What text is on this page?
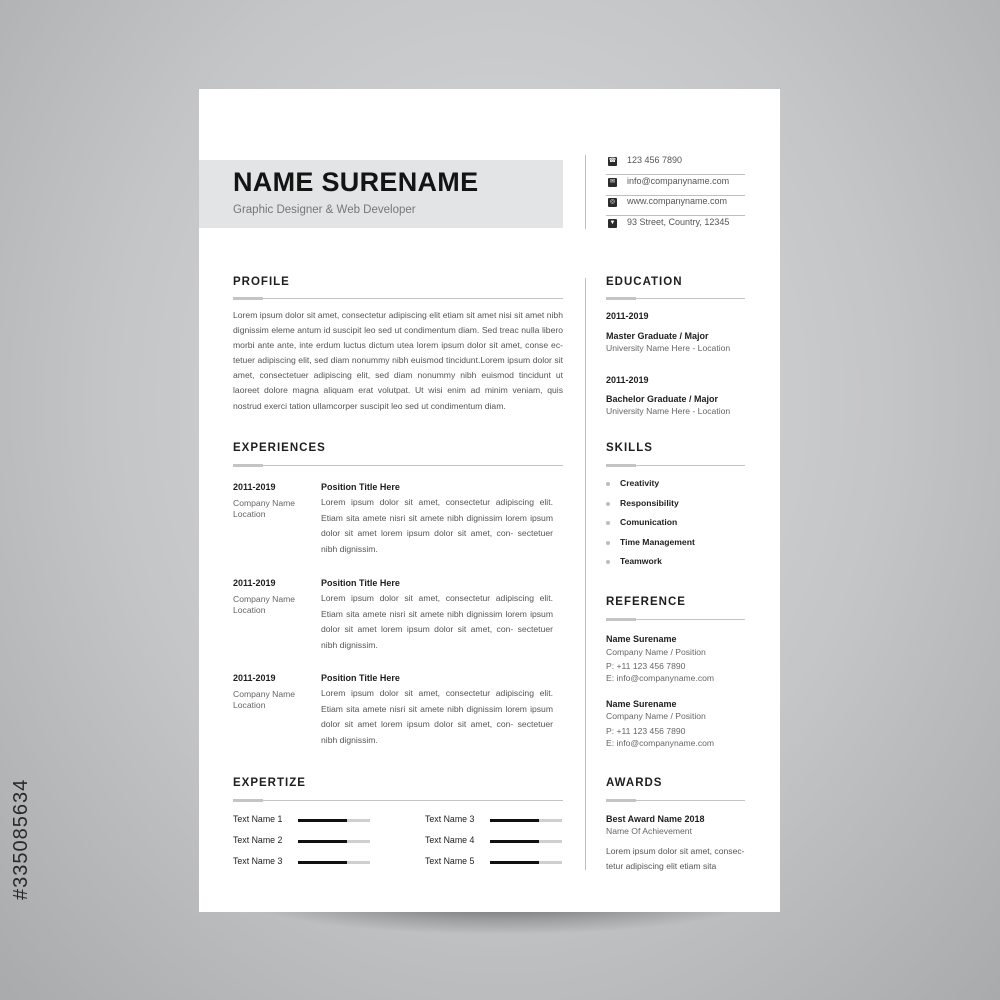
NAME SURENAME
Graphic Designer & Web Developer
☎ 123 456 7890
✉ info@companyname.com
◎ www.companyname.com
▼ 93 Street, Country, 12345
PROFILE
Lorem ipsum dolor sit amet, consectetur adipiscing elit etiam sit amet nisi sit amet nibh dignissim eleme antum id suscipit leo sed ut condimentum diam. Sed treac nulla libero morbi ante ante, inte erdum luctus dictum utea lorem ipsum dolor sit amet, conse ec- tetuer adipiscing elit, sed diam nonummy nibh euismod tincidunt.Lorem ipsum dolor sit amet, consectetuer adipiscing elit, sed diam nonummy nibh euismod tincidunt ut laoreet dolore magna aliquam erat volutpat. Ut wisi enim ad minim veniam, quis nostrud exerci tation ullamcorper suscipit leo sed ut condimentum diam.
EXPERIENCES
2011-2019
Company Name
Location
Position Title Here
Lorem ipsum dolor sit amet, consectetur adipiscing elit. Etiam sita amete nisri sit amete nibh dignissim lorem ipsum dolor sit amet lorem ipsum dolor sit amet, con- sectetuer nibh dignissim.
2011-2019
Company Name
Location
Position Title Here
Lorem ipsum dolor sit amet, consectetur adipiscing elit. Etiam sita amete nisri sit amete nibh dignissim lorem ipsum dolor sit amet lorem ipsum dolor sit amet, con- sectetuer nibh dignissim.
2011-2019
Company Name
Location
Position Title Here
Lorem ipsum dolor sit amet, consectetur adipiscing elit. Etiam sita amete nisri sit amete nibh dignissim lorem ipsum dolor sit amet lorem ipsum dolor sit amet, con- sectetuer nibh dignissim.
EXPERTIZE
Text Name 1
Text Name 2
Text Name 3
Text Name 3
Text Name 4
Text Name 5
EDUCATION
2011-2019
Master Graduate / Major
University Name Here - Location
2011-2019
Bachelor Graduate / Major
University Name Here - Location
SKILLS
Creativity
Responsibility
Comunication
Time Management
Teamwork
REFERENCE
Name Surename
Company Name / Position
P: +11 123 456 7890
E: info@companyname.com
Name Surename
Company Name / Position
P: +11 123 456 7890
E: info@companyname.com
AWARDS
Best Award Name 2018
Name Of Achievement
Lorem ipsum dolor sit amet, consec- tetur adipiscing elit etiam sita
#335085634
